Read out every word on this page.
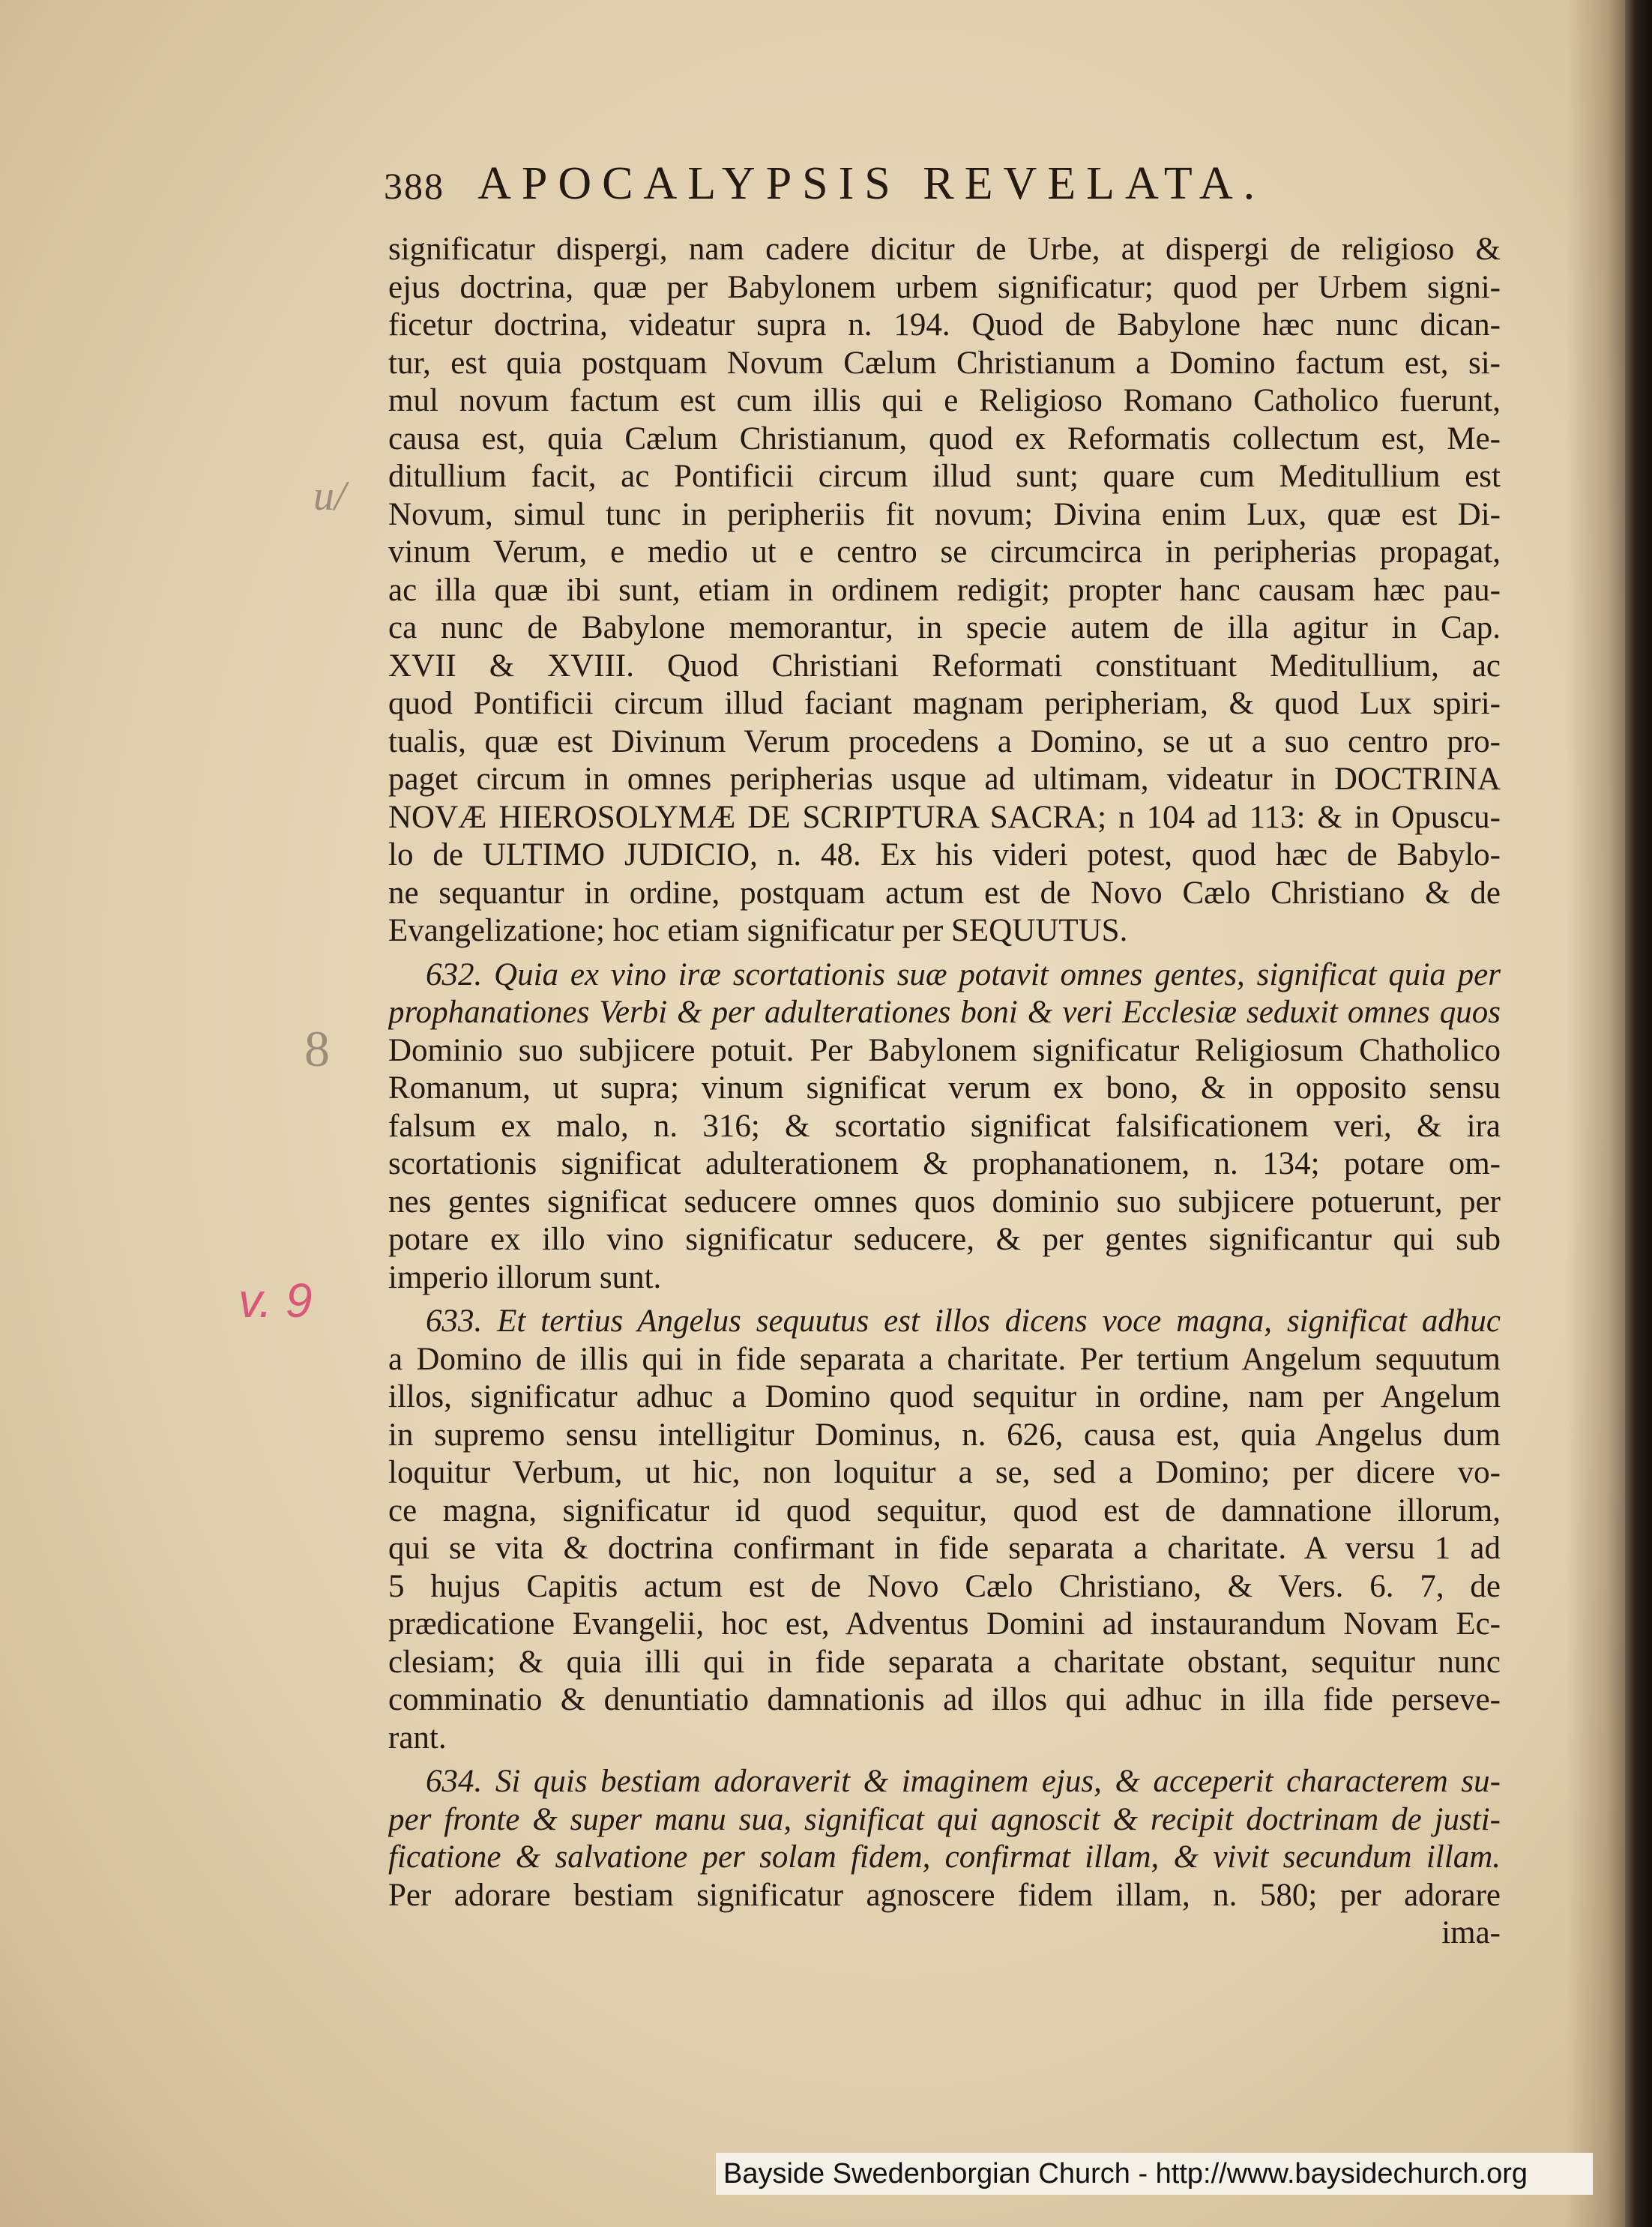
388 APOCALYPSIS REVELATA.
u/
8
v. 9
significatur dispergi, nam cadere dicitur de Urbe, at dispergi de religioso &
ejus doctrina, quæ per Babylonem urbem significatur; quod per Urbem signi-
ficetur doctrina, videatur supra n. 194. Quod de Babylone hæc nunc dican-
tur, est quia postquam Novum Cælum Christianum a Domino factum est, si-
mul novum factum est cum illis qui e Religioso Romano Catholico fuerunt,
causa est, quia Cælum Christianum, quod ex Reformatis collectum est, Me-
ditullium facit, ac Pontificii circum illud sunt; quare cum Meditullium est
Novum, simul tunc in peripheriis fit novum; Divina enim Lux, quæ est Di-
vinum Verum, e medio ut e centro se circumcirca in peripherias propagat,
ac illa quæ ibi sunt, etiam in ordinem redigit; propter hanc causam hæc pau-
ca nunc de Babylone memorantur, in specie autem de illa agitur in Cap.
XVII & XVIII. Quod Christiani Reformati constituant Meditullium, ac
quod Pontificii circum illud faciant magnam peripheriam, & quod Lux spiri-
tualis, quæ est Divinum Verum procedens a Domino, se ut a suo centro pro-
paget circum in omnes peripherias usque ad ultimam, videatur in DOCTRINA
NOVÆ HIEROSOLYMÆ DE SCRIPTURA SACRA; n 104 ad 113: & in Opuscu-
lo de ULTIMO JUDICIO, n. 48. Ex his videri potest, quod hæc de Babylo-
ne sequantur in ordine, postquam actum est de Novo Cælo Christiano & de
Evangelizatione; hoc etiam significatur per SEQUUTUS.
632. Quia ex vino iræ scortationis suæ potavit omnes gentes, significat quia per
prophanationes Verbi & per adulterationes boni & veri Ecclesiæ seduxit omnes quos
Dominio suo subjicere potuit. Per Babylonem significatur Religiosum Chatholico
Romanum, ut supra; vinum significat verum ex bono, & in opposito sensu
falsum ex malo, n. 316; & scortatio significat falsificationem veri, & ira
scortationis significat adulterationem & prophanationem, n. 134; potare om-
nes gentes significat seducere omnes quos dominio suo subjicere potuerunt, per
potare ex illo vino significatur seducere, & per gentes significantur qui sub
imperio illorum sunt.
633. Et tertius Angelus sequutus est illos dicens voce magna, significat adhuc
a Domino de illis qui in fide separata a charitate. Per tertium Angelum sequutum
illos, significatur adhuc a Domino quod sequitur in ordine, nam per Angelum
in supremo sensu intelligitur Dominus, n. 626, causa est, quia Angelus dum
loquitur Verbum, ut hic, non loquitur a se, sed a Domino; per dicere vo-
ce magna, significatur id quod sequitur, quod est de damnatione illorum,
qui se vita & doctrina confirmant in fide separata a charitate. A versu 1 ad
5 hujus Capitis actum est de Novo Cælo Christiano, & Vers. 6. 7, de
prædicatione Evangelii, hoc est, Adventus Domini ad instaurandum Novam Ec-
clesiam; & quia illi qui in fide separata a charitate obstant, sequitur nunc
comminatio & denuntiatio damnationis ad illos qui adhuc in illa fide perseve-
rant.
634. Si quis bestiam adoraverit & imaginem ejus, & acceperit characterem su-
per fronte & super manu sua, significat qui agnoscit & recipit doctrinam de justi-
ficatione & salvatione per solam fidem, confirmat illam, & vivit secundum illam.
Per adorare bestiam significatur agnoscere fidem illam, n. 580; per adorare
ima-
Bayside Swedenborgian Church - http://www.baysidechurch.org
